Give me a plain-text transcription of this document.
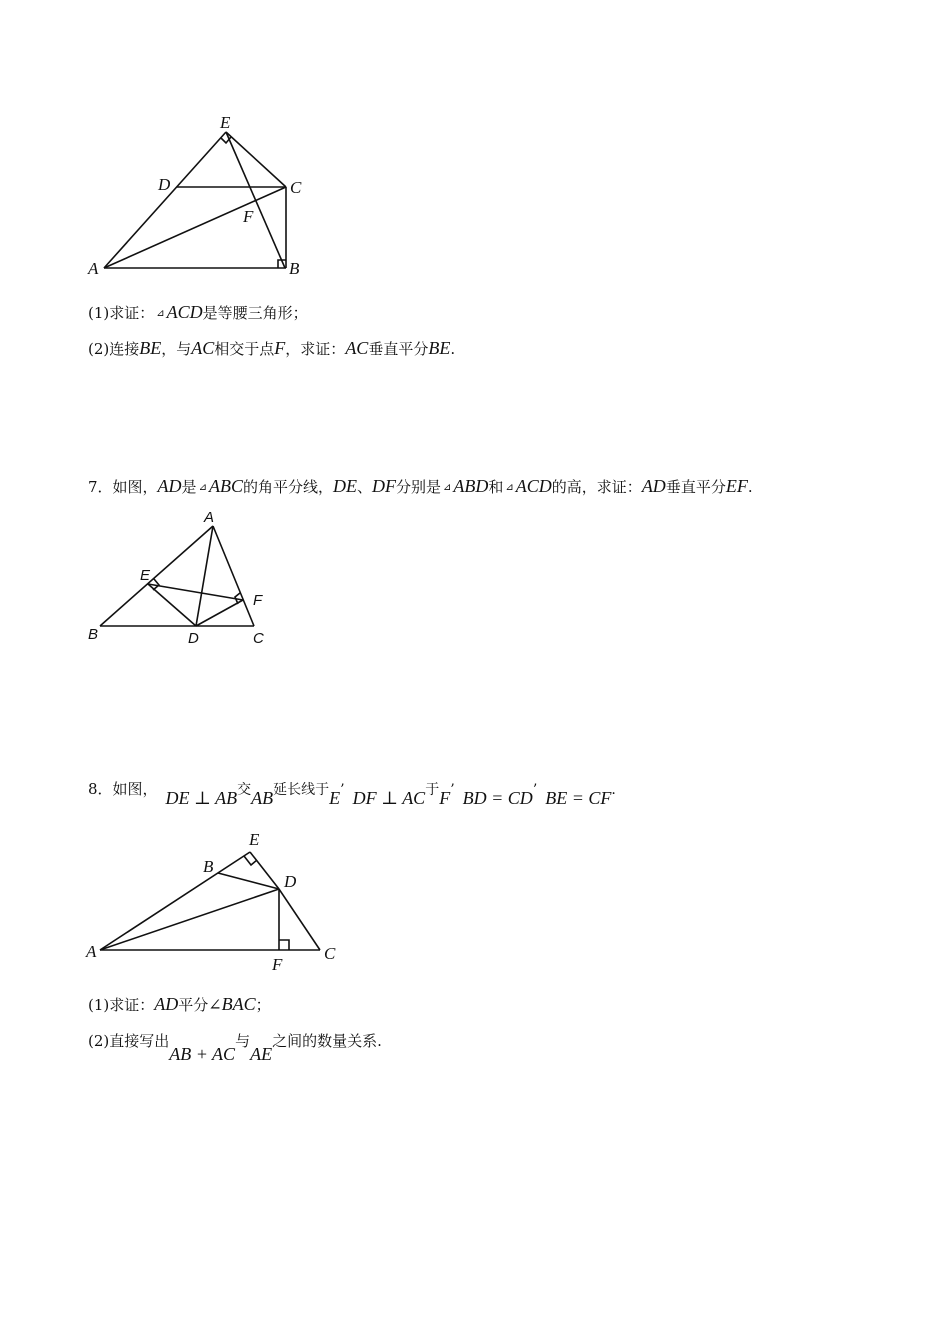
E
D	C
F
A	B
(1)求证： ⊿ ACD是等腰三角形；
(2)连接BE，与AC相交于点F，求证：AC垂直平分BE.
7．如图，AD是 ⊿ ABC的角平分线，DE、DF分别是 ⊿ ABD和 ⊿ ACD的高，求证：AD垂直平分EF.
A
E
F
B	D	C
8．如图， DE ⊥ AB交AB延长线于E’ DF ⊥ AC于F’ BD = CD’ BE = CF.
E
B
D
A
F
C
(1)求证：AD平分∠BAC；
(2)直接写出AB + AC与AE之间的数量关系.
